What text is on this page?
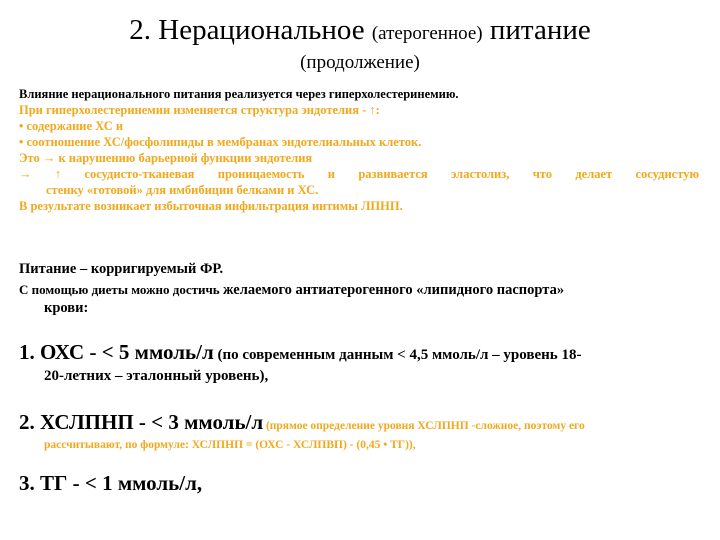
2. Нерациональное (атерогенное) питание
(продолжение)

Влияние нерационального питания реализуется через гиперхолестеринемию.

При гиперхолестеринемии изменяется структура эндотелия - ↑:

• содержание ХС и

• соотношение ХС/фосфолипиды в мембранах эндотелиальных клеток.

Это → к нарушению барьерной функции эндотелия

→ ↑ сосудисто-тканевая проницаемость и развивается эластолиз, что делает сосудистую

стенку «готовой» для имбибиции белками и ХС.

В результате возникает избыточная инфильтрация интимы ЛПНП.

Питание – корригируемый ФР.

С помощью диеты можно достичь желаемого антиатерогенного «липидного паспорта»
крови:
1. ОХС - < 5 ммоль/л (по современным данным < 4,5 ммоль/л – уровень 18-
20-летних – эталонный уровень),
2. ХСЛПНП - < 3 ммоль/л (прямое определение уровня ХСЛПНП -сложное, поэтому его
рассчитывают, по формуле: ХСЛПНП = (ОХС - ХСЛПВП) - (0,45 • ТГ)),
3. ТГ - < 1 ммоль/л,
